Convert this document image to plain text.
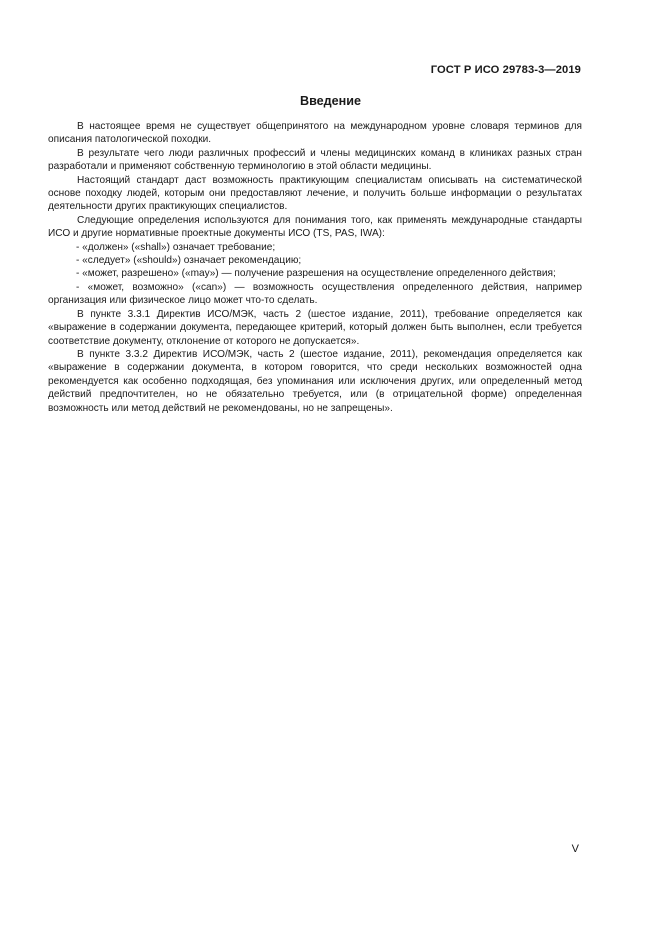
ГОСТ Р ИСО 29783-3—2019
Введение

В настоящее время не существует общепринятого на международном уровне словаря терминов для описания патологической походки.

В результате чего люди различных профессий и члены медицинских команд в клиниках разных стран разработали и применяют собственную терминологию в этой области медицины.

Настоящий стандарт даст возможность практикующим специалистам описывать на систематической основе походку людей, которым они предоставляют лечение, и получить больше информации о результатах деятельности других практикующих специалистов.

Следующие определения используются для понимания того, как применять международные стандарты ИСО и другие нормативные проектные документы ИСО (TS, PAS, IWA):

- «должен» («shall») означает требование;

- «следует» («should») означает рекомендацию;

- «может, разрешено» («may») — получение разрешения на осуществление определенного действия;

- «может, возможно» («can») — возможность осуществления определенного действия, например организация или физическое лицо может что-то сделать.

В пункте 3.3.1 Директив ИСО/МЭК, часть 2 (шестое издание, 2011), требование определяется как «выражение в содержании документа, передающее критерий, который должен быть выполнен, если требуется соответствие документу, отклонение от которого не допускается».

В пункте 3.3.2 Директив ИСО/МЭК, часть 2 (шестое издание, 2011), рекомендация определяется как «выражение в содержании документа, в котором говорится, что среди нескольких возможностей одна рекомендуется как особенно подходящая, без упоминания или исключения других, или определенный метод действий предпочтителен, но не обязательно требуется, или (в отрицательной форме) определенная возможность или метод действий не рекомендованы, но не запрещены».

V
